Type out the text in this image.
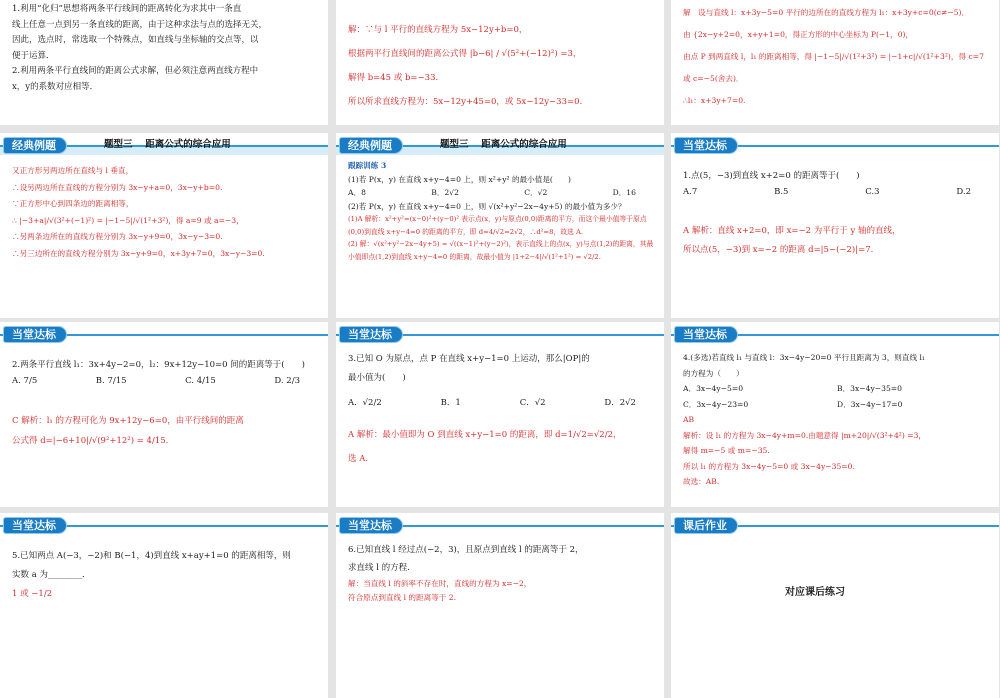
1.利用“化归”思想将两条平行线间的距离转化为求其中一条直
线上任意一点到另一条直线的距离，由于这种求法与点的选择无关，
因此，选点时，常选取一个特殊点，如直线与坐标轴的交点等，以
便于运算．
2.利用两条平行直线间的距离公式求解，但必须注意两直线方程中
x，y的系数对应相等．
解：∵与 l 平行的直线方程为 5x−12y+b=0，
根据两平行直线间的距离公式得 |b−6| / √(5²+(−12)²) =3，
解得 b=45 或 b=−33.
所以所求直线方程为：5x−12y+45=0，或 5x−12y−33=0.
解　设与直线 l：x+3y−5=0 平行的边所在的直线方程为 l₁：x+3y+c=0(c≠−5)．
由 {2x−y+2=0，x+y+1=0，得正方形的中心坐标为 P(−1，0)，
由点 P 到两直线 l，l₁ 的距离相等，得 |−1−5|/√(1²+3²) = |−1+c|/√(1²+3²)，得 c=7 或 c=−5(舍去)．
∴l₁：x+3y+7=0.
经典例题	题型三　 距离公式的综合应用
又正方形另两边所在直线与 l 垂直，
∴设另两边所在直线的方程分别为 3x−y+a=0，3x−y+b=0.
∵正方形中心到四条边的距离相等，
∴ |−3+a|/√(3²+(−1)²) = |−1−5|/√(1²+3²)，得 a=9 或 a=−3，
∴另两条边所在的直线方程分别为 3x−y+9=0，3x−y−3=0.
∴另三边所在的直线方程分别为 3x−y+9=0，x+3y+7=0，3x−y−3=0.
经典例题	题型三　 距离公式的综合应用
跟踪训练 3
(1)若 P(x，y) 在直线 x+y−4=0 上，则 x²+y² 的最小值是(　　)
A．8	B．2√2	C．√2	D．16
(2)若 P(x，y) 在直线 x+y−4=0 上，则 √(x²+y²−2x−4y+5) 的最小值为多少？
(1)A 解析：x²+y²=(x−0)²+(y−0)² 表示点(x，y)与原点(0,0)距离的平方，而这个最小值等于原点(0,0)到直线 x+y−4=0 的距离的平方，即 d=4/√2=2√2，∴d²=8，故选 A.
(2) 解：√(x²+y²−2x−4y+5) = √((x−1)²+(y−2)²)，表示直线上的点(x，y)与点(1,2)的距离，其最小值即点(1,2)到直线 x+y−4=0 的距离，故最小值为 |1+2−4|/√(1²+1²) = √2/2.
当堂达标
1.点(5，−3)到直线 x+2=0 的距离等于(　　)
A.7	B.5	C.3	D.2
A 解析：直线 x+2=0，即 x=−2 为平行于 y 轴的直线，
所以点(5，−3)到 x=−2 的距离 d=|5−(−2)|=7.
当堂达标
2.两条平行直线 l₁：3x+4y−2=0，l₂：9x+12y−10=0 间的距离等于(　　)
A. 7/5	B. 7/15	C. 4/15	D. 2/3
C 解析：l₁ 的方程可化为 9x+12y−6=0，由平行线间的距离
公式得 d=|−6+10|/√(9²+12²) = 4/15.
当堂达标
3.已知 O 为原点，点 P 在直线 x+y−1=0 上运动，那么|OP|的
最小值为(　　)
A．√2/2	B．1	C．√2	D．2√2
A 解析：最小值即为 O 到直线 x+y−1=0 的距离，即 d=1/√2=√2/2，
选 A.
当堂达标
4.(多选)若直线 l₁ 与直线 l：3x−4y−20=0 平行且距离为 3，则直线 l₁
的方程为（　　）
A．3x−4y−5=0	B．3x−4y−35=0
C．3x−4y−23=0	D．3x−4y−17=0
AB
解析：设 l₁ 的方程为 3x−4y+m=0.由题意得 |m+20|/√(3²+4²) =3，
解得 m=−5 或 m=−35.
所以 l₁ 的方程为 3x−4y−5=0 或 3x−4y−35=0.
故选：AB.
当堂达标
5.已知两点 A(−3，−2)和 B(−1，4)到直线 x+ay+1=0 的距离相等，则
实数 a 为________．
1 或 −1/2
当堂达标
6.已知直线 l 经过点(−2，3)，且原点到直线 l 的距离等于 2，
求直线 l 的方程.
解：当直线 l 的斜率不存在时，直线的方程为 x=−2，
符合原点到直线 l 的距离等于 2.
课后作业
对应课后练习
